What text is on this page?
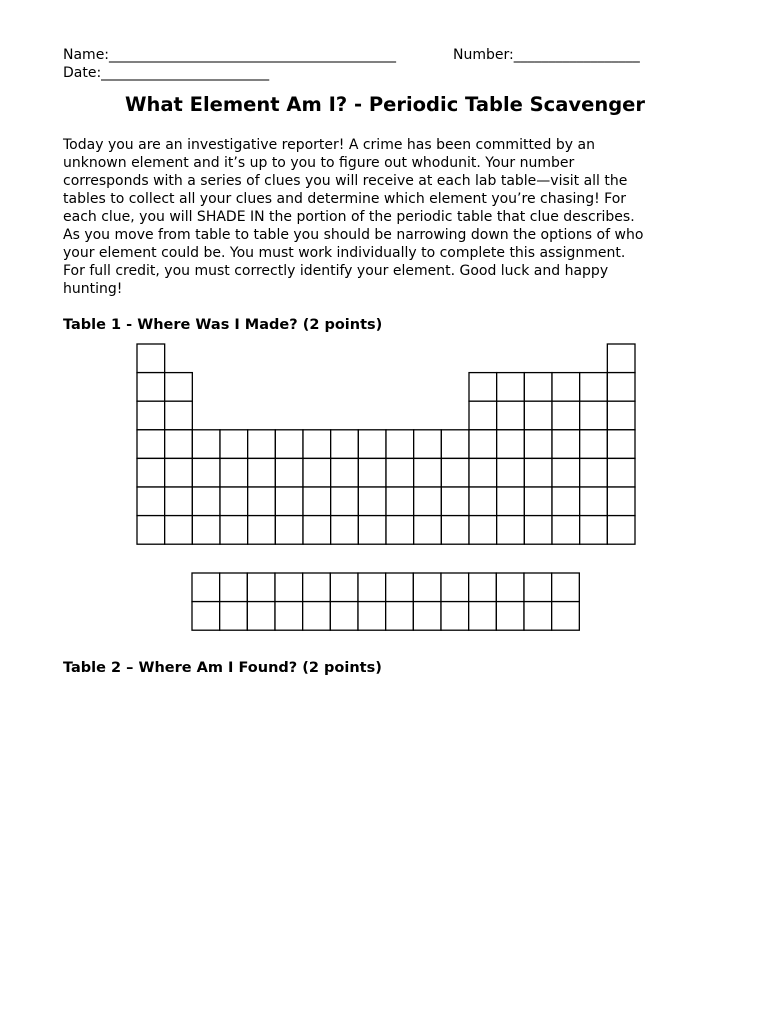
Name:_________________________________________	Number:__________________
Date:________________________
What Element Am I? - Periodic Table Scavenger
Today you are an investigative reporter! A crime has been committed by an
unknown element and it’s up to you to figure out whodunit. Your number
corresponds with a series of clues you will receive at each lab table—visit all the
tables to collect all your clues and determine which element you’re chasing! For
each clue, you will SHADE IN the portion of the periodic table that clue describes.
As you move from table to table you should be narrowing down the options of who
your element could be. You must work individually to complete this assignment.
For full credit, you must correctly identify your element. Good luck and happy
hunting!
Table 1 - Where Was I Made? (2 points)
Table 2 – Where Am I Found? (2 points)
